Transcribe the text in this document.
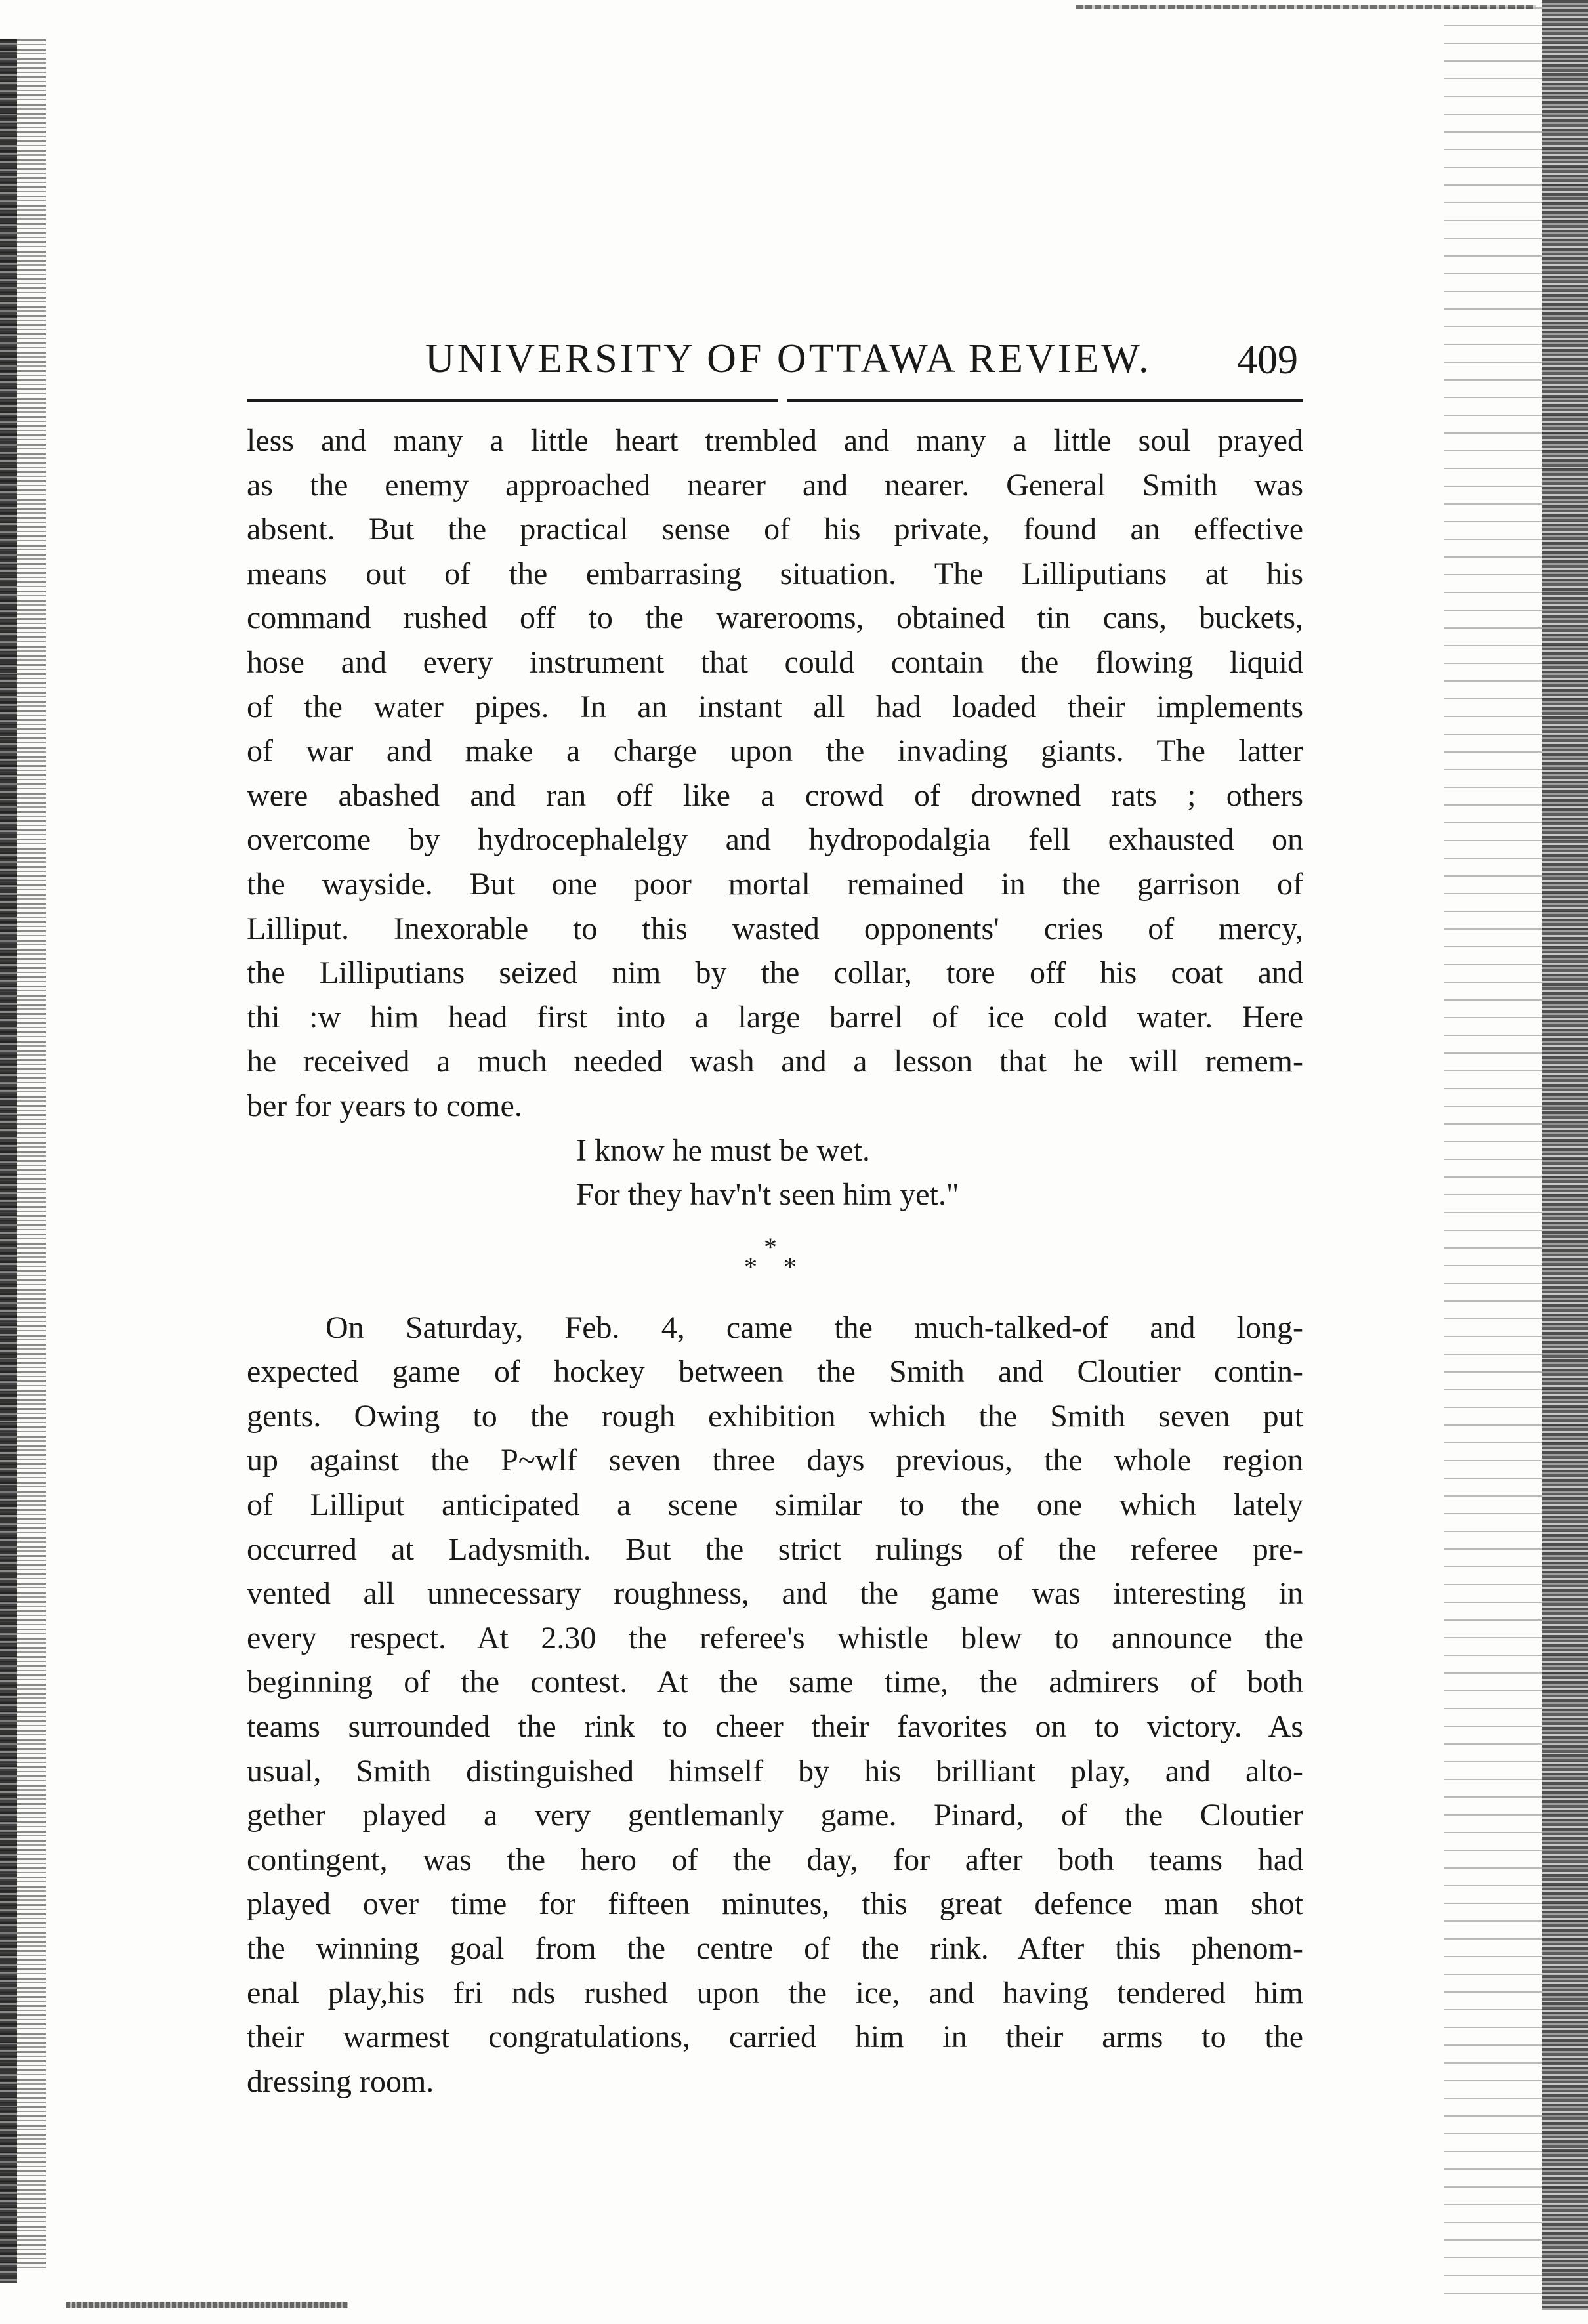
UNIVERSITY OF OTTAWA REVIEW. 409
less and many a little heart trembled and many a little soul prayed
as the enemy approached nearer and nearer. General Smith was
absent. But the practical sense of his private, found an effective
means out of the embarrasing situation. The Lilliputians at his
command rushed off to the warerooms, obtained tin cans, buckets,
hose and every instrument that could contain the flowing liquid
of the water pipes. In an instant all had loaded their implements
of war and make a charge upon the invading giants. The latter
were abashed and ran off like a crowd of drowned rats ; others
overcome by hydrocephalelgy and hydropodalgia fell exhausted on
the wayside. But one poor mortal remained in the garrison of
Lilliput. Inexorable to this wasted opponents' cries of mercy,
the Lilliputians seized nim by the collar, tore off his coat and
thi :w him head first into a large barrel of ice cold water. Here
he received a much needed wash and a lesson that he will remem-
ber for years to come.
I know he must be wet.
For they hav'n't seen him yet."
*
* *
On Saturday, Feb. 4, came the much-talked-of and long-
expected game of hockey between the Smith and Cloutier contin-
gents. Owing to the rough exhibition which the Smith seven put
up against the P~wlf seven three days previous, the whole region
of Lilliput anticipated a scene similar to the one which lately
occurred at Ladysmith. But the strict rulings of the referee pre-
vented all unnecessary roughness, and the game was interesting in
every respect. At 2.30 the referee's whistle blew to announce the
beginning of the contest. At the same time, the admirers of both
teams surrounded the rink to cheer their favorites on to victory. As
usual, Smith distinguished himself by his brilliant play, and alto-
gether played a very gentlemanly game. Pinard, of the Cloutier
contingent, was the hero of the day, for after both teams had
played over time for fifteen minutes, this great defence man shot
the winning goal from the centre of the rink. After this phenom-
enal play,his fri nds rushed upon the ice, and having tendered him
their warmest congratulations, carried him in their arms to the
dressing room.
